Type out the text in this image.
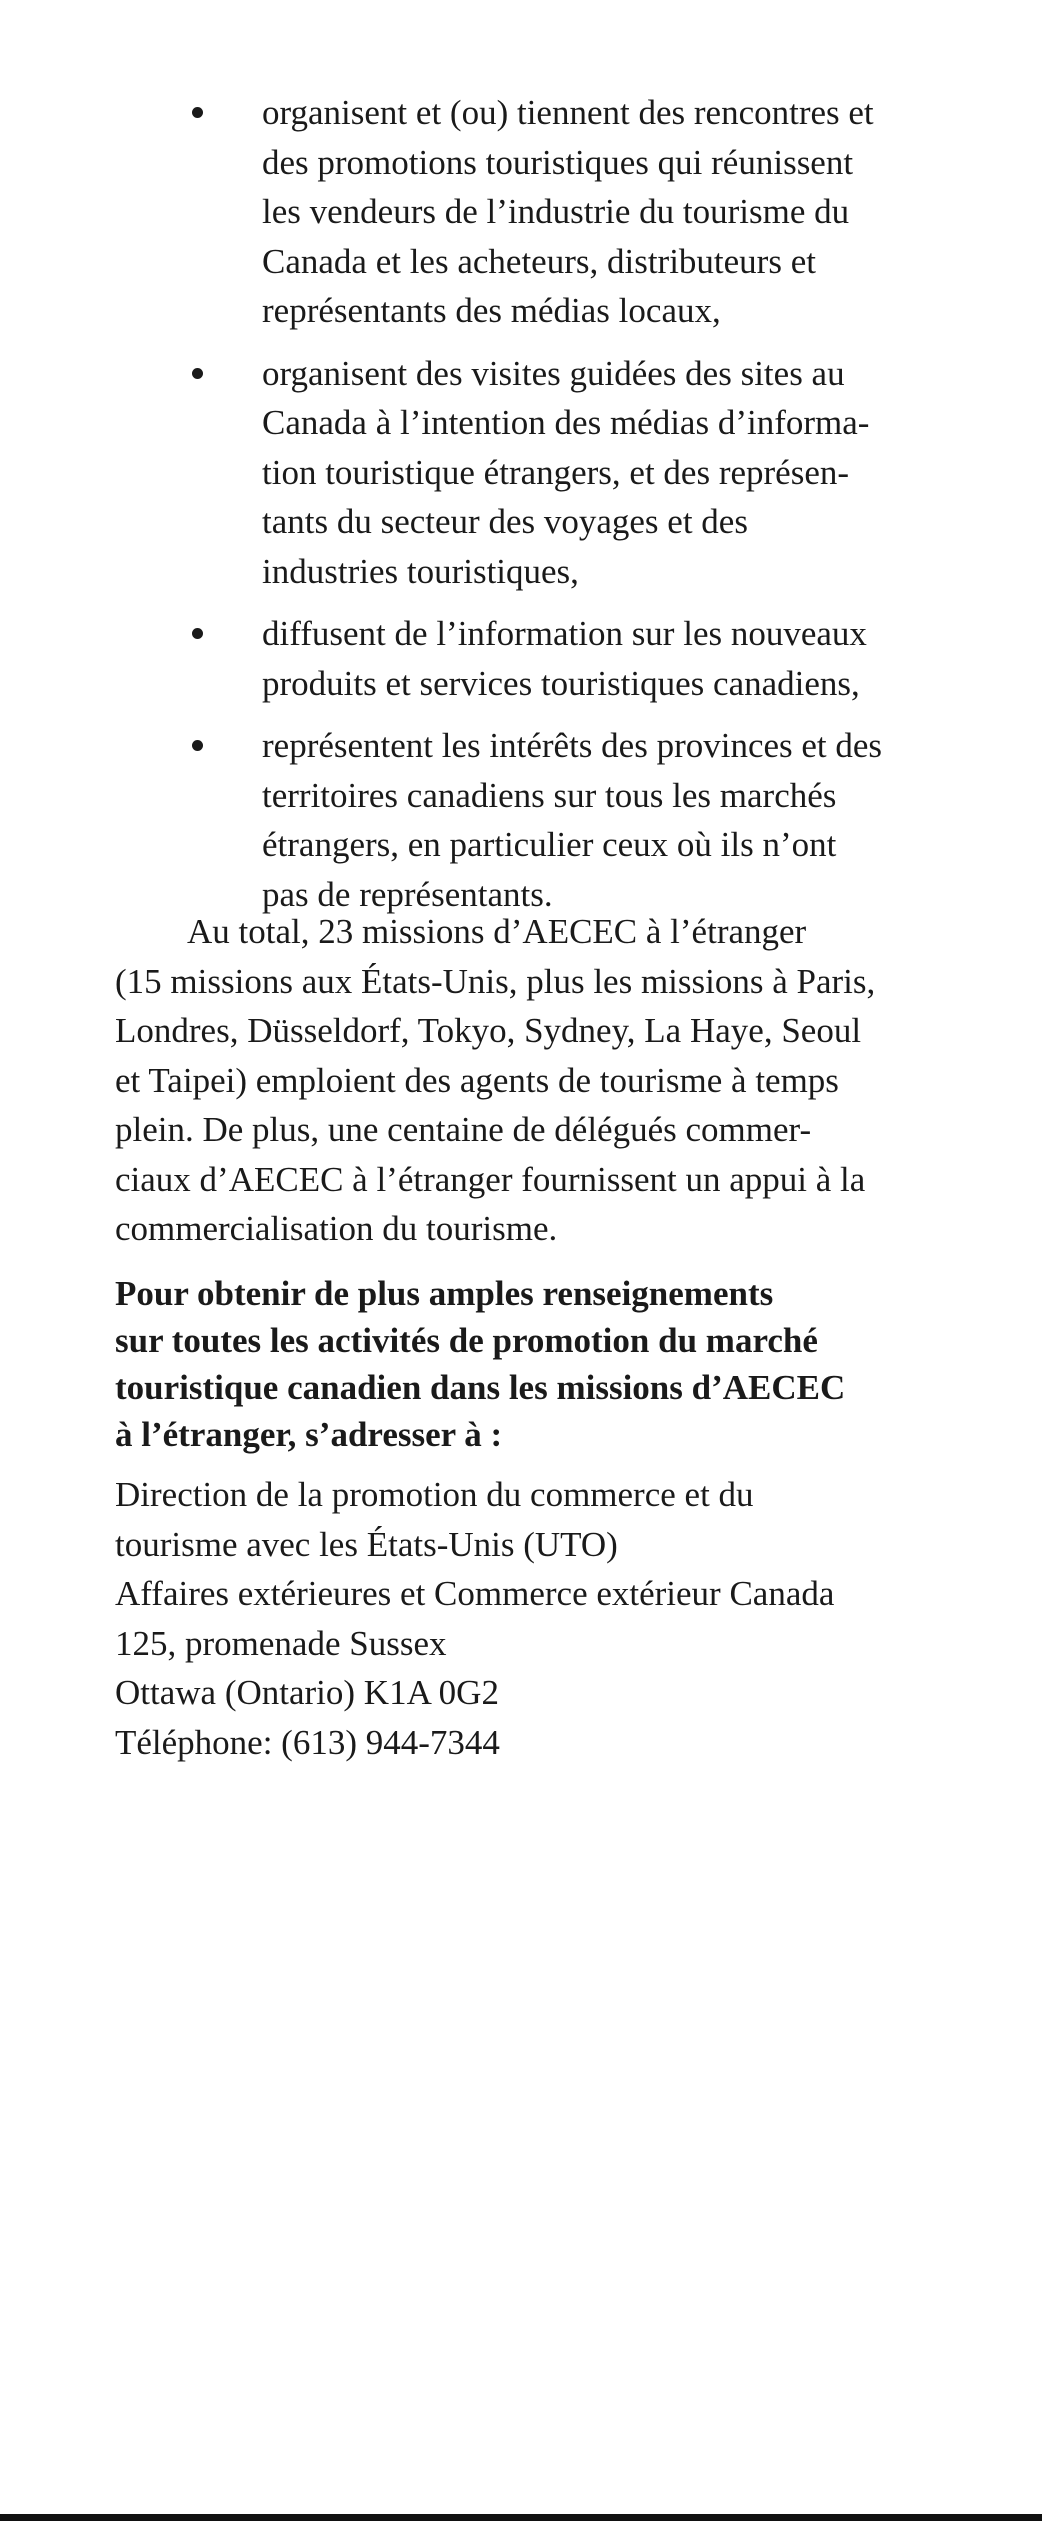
organisent et (ou) tiennent des rencontres et
des promotions touristiques qui réunissent
les vendeurs de l’industrie du tourisme du
Canada et les acheteurs, distributeurs et
représentants des médias locaux,
organisent des visites guidées des sites au
Canada à l’intention des médias d’informa-
tion touristique étrangers, et des représen-
tants du secteur des voyages et des
industries touristiques,
diffusent de l’information sur les nouveaux
produits et services touristiques canadiens,
représentent les intérêts des provinces et des
territoires canadiens sur tous les marchés
étrangers, en particulier ceux où ils n’ont
pas de représentants.
Au total, 23 missions d’AECEC à l’étranger
(15 missions aux États-Unis, plus les missions à Paris,
Londres, Düsseldorf, Tokyo, Sydney, La Haye, Seoul
et Taipei) emploient des agents de tourisme à temps
plein. De plus, une centaine de délégués commer-
ciaux d’AECEC à l’étranger fournissent un appui à la
commercialisation du tourisme.
Pour obtenir de plus amples renseignements
sur toutes les activités de promotion du marché
touristique canadien dans les missions d’AECEC
à l’étranger, s’adresser à :
Direction de la promotion du commerce et du
tourisme avec les États-Unis (UTO)
Affaires extérieures et Commerce extérieur Canada
125, promenade Sussex
Ottawa (Ontario) K1A 0G2
Téléphone: (613) 944-7344
